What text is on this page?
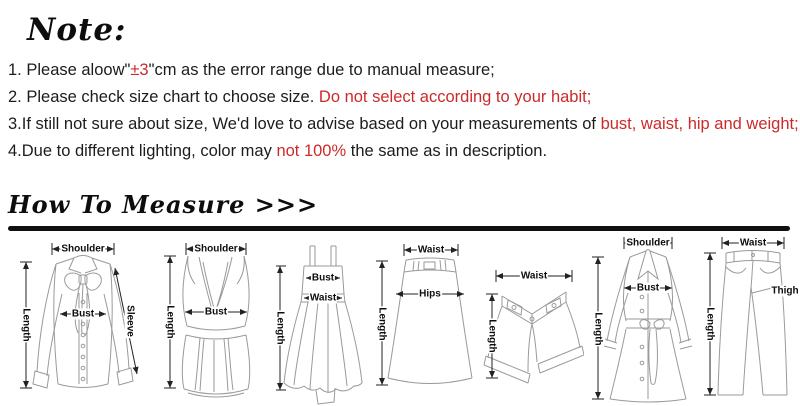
Note:

1. Please aloow"±3"cm as the error range due to manual measure;

2. Please check size chart to choose size. Do not select according to your habit;

3.If still not sure about size, We'd love to advise based on your measurements of bust, waist, hip and weight;

4.Due to different lighting, color may not 100% the same as in description.

How To Measure >>>
Shoulder
Length	Bust	Sleeve
Shoulder
Length	Bust	Length
Bust
Waist
Waist
Length
Hips
Waist
Length
Shoulder
Length
Bust
Waist
Length
Thigh
